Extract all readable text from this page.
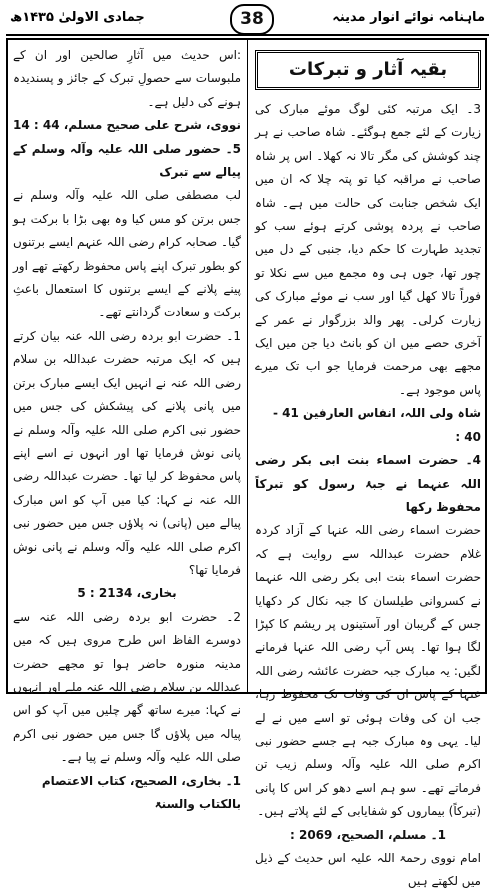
ماہنامہ نوائے انوار مدینہ
38
جمادی الاولیٰ ۱۴۳۵ھ
بقیہ آثار و تبرکات

3۔ ایک مرتبہ کئی لوگ موئے مبارک کی زیارت کے لئے جمع ہوگئے۔ شاہ صاحب نے ہر چند کوشش کی مگر تالا نہ کھلا۔ اس پر شاہ صاحب نے مراقبہ کیا تو پتہ چلا کہ ان میں ایک شخص جنابت کی حالت میں ہے۔ شاہ صاحب نے پردہ پوشی کرتے ہوئے سب کو تجدید طہارت کا حکم دیا، جنبی کے دل میں چور تھا، جوں ہی وہ مجمع میں سے نکلا تو فوراً تالا کھل گیا اور سب نے موئے مبارک کی زیارت کرلی۔ پھر والد بزرگوار نے عمر کے آخری حصے میں ان کو بانٹ دیا جن میں ایک مجھے بھی مرحمت فرمایا جو اب تک میرے پاس موجود ہے۔

شاہ ولی اللہ، انفاس العارفین 41 - 40 :

4۔ حضرت اسماء بنت ابی بکر رضی اللہ عنہما نے جبۂ رسول کو تبرکاً محفوظ رکھا

حضرت اسماء رضی اللہ عنہا کے آزاد کردہ غلام حضرت عبداللہ سے روایت ہے کہ حضرت اسماء بنت ابی بکر رضی اللہ عنہما نے کسروانی طیلسان کا جبہ نکال کر دکھایا جس کے گریبان اور آستینوں پر ریشم کا کپڑا لگا ہوا تھا۔ پس آپ رضی اللہ عنہا فرمانے لگیں: یہ مبارک جبہ حضرت عائشہ رضی اللہ عنہا کے پاس ان کی وفات تک محفوظ رہا، جب ان کی وفات ہوئی تو اسے میں نے لے لیا۔ یہی وہ مبارک جبہ ہے جسے حضور نبی اکرم صلی اللہ علیہ وآلہ وسلم زیب تن فرماتے تھے۔ سو ہم اسے دھو کر اس کا پانی (تبرکاً) بیماروں کو شفایابی کے لئے پلاتے ہیں۔

1۔ مسلم، الصحیح، 2069 :

امام نووی رحمۃ اللہ علیہ اس حدیث کے ذیل میں لکھتے ہیں

:اس حدیث میں آثارِ صالحین اور ان کے ملبوسات سے حصولِ تبرک کے جائز و پسندیدہ ہونے کی دلیل ہے۔

نووی، شرح علی صحیح مسلم، 44 : 14

5۔ حضور صلی اللہ علیہ وآلہ وسلم کے پیالے سے تبرک

لب مصطفی صلی اللہ علیہ وآلہ وسلم نے جس برتن کو مس کیا وہ بھی بڑا با برکت ہو گیا۔ صحابہ کرام رضی اللہ عنہم ایسے برتنوں کو بطور تبرک اپنے پاس محفوظ رکھتے تھے اور پینے پلانے کے ایسے برتنوں کا استعمال باعثِ برکت و سعادت گردانتے تھے۔

1۔ حضرت ابو بردہ رضی اللہ عنہ بیان کرتے ہیں کہ ایک مرتبہ حضرت عبداللہ بن سلام رضی اللہ عنہ نے انہیں ایک ایسے مبارک برتن میں پانی پلانے کی پیشکش کی جس میں حضور نبی اکرم صلی اللہ علیہ وآلہ وسلم نے پانی نوش فرمایا تھا اور انہوں نے اسے اپنے پاس محفوظ کر لیا تھا۔ حضرت عبداللہ رضی اللہ عنہ نے کہا: کیا میں آپ کو اس مبارک پیالے میں (پانی) نہ پلاؤں جس میں حضور نبی اکرم صلی اللہ علیہ وآلہ وسلم نے پانی نوش فرمایا تھا؟

بخاری، 2134 : 5

2۔ حضرت ابو بردہ رضی اللہ عنہ سے دوسرے الفاظ اس طرح مروی ہیں کہ میں مدینہ منورہ حاضر ہوا تو مجھے حضرت عبداللہ بن سلام رضی اللہ عنہ ملے اور انہوں نے کہا: میرے ساتھ گھر چلیں میں آپ کو اس پیالہ میں پلاؤں گا جس میں حضور نبی اکرم صلی اللہ علیہ وآلہ وسلم نے پیا ہے۔

1۔ بخاری، الصحیح، کتاب الاعتصام بالکتاب والسنۃ
